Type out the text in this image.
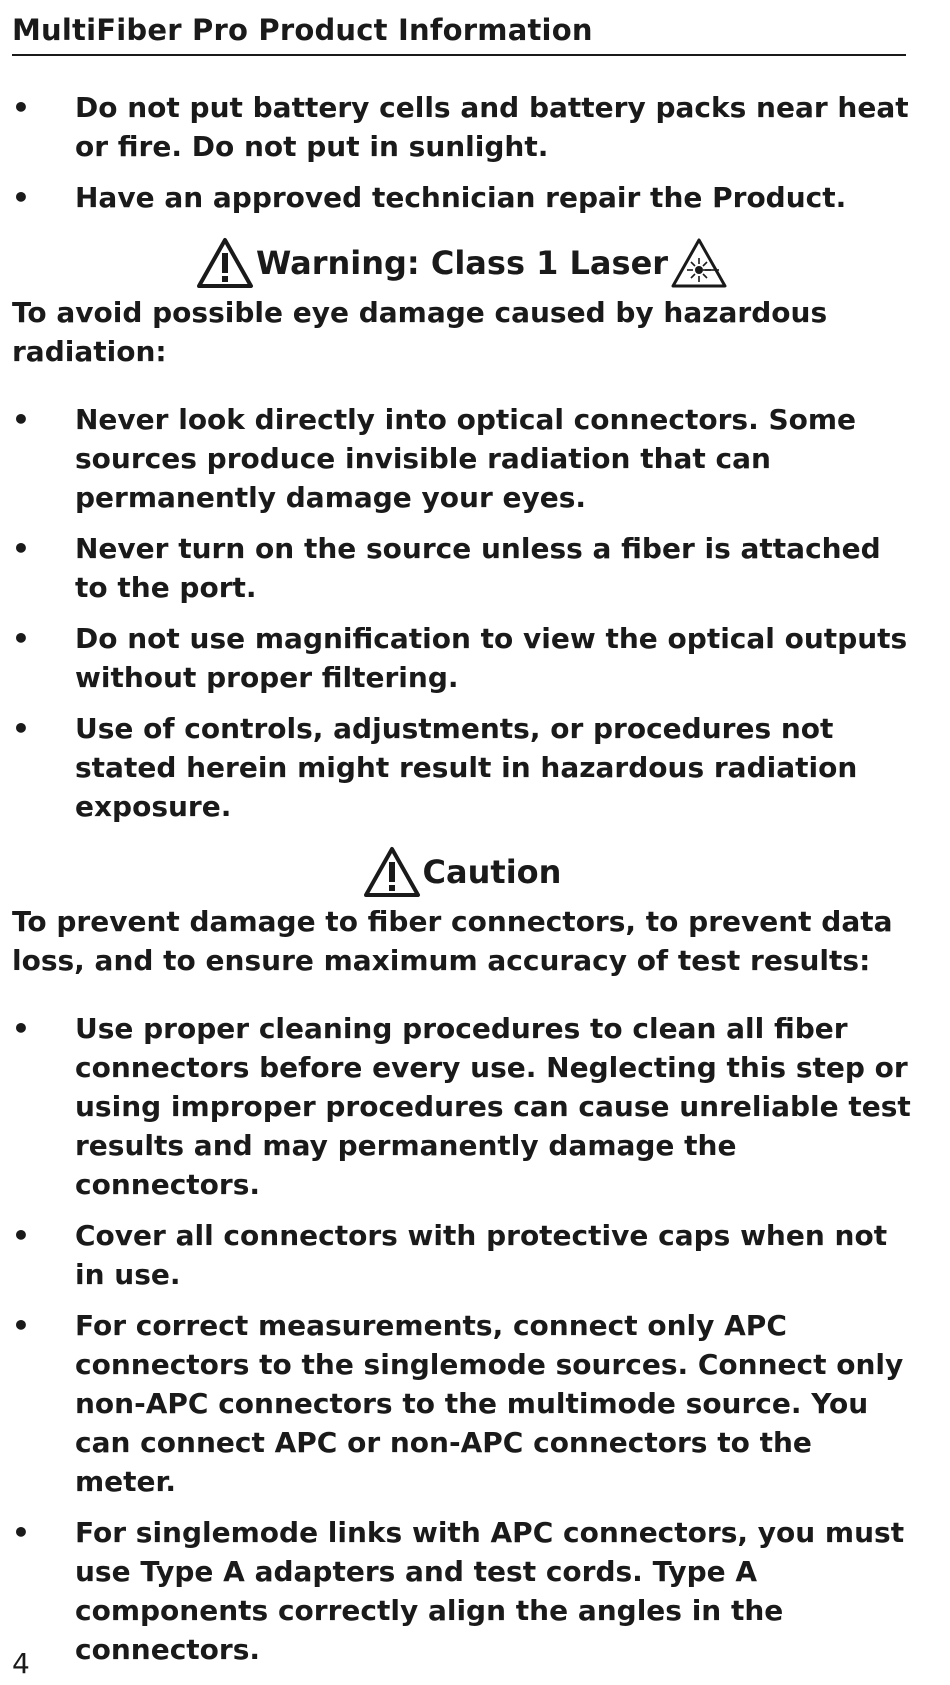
MultiFiber Pro Product Information
• Do not put battery cells and battery packs near heat or fire. Do not put in sunlight.
• Have an approved technician repair the Product.
Warning: Class 1 Laser

To avoid possible eye damage caused by hazardous radiation:

• Never look directly into optical connectors. Some sources produce invisible radiation that can permanently damage your eyes.
• Never turn on the source unless a fiber is attached to the port.
• Do not use magnification to view the optical outputs without proper filtering.
• Use of controls, adjustments, or procedures not stated herein might result in hazardous radiation exposure.
Caution

To prevent damage to fiber connectors, to prevent data loss, and to ensure maximum accuracy of test results:

• Use proper cleaning procedures to clean all fiber connectors before every use. Neglecting this step or using improper procedures can cause unreliable test results and may permanently damage the connectors.
• Cover all connectors with protective caps when not in use.
• For correct measurements, connect only APC connectors to the singlemode sources. Connect only non-APC connectors to the multimode source. You can connect APC or non-APC connectors to the meter.
• For singlemode links with APC connectors, you must use Type A adapters and test cords. Type A components correctly align the angles in the connectors.
4
